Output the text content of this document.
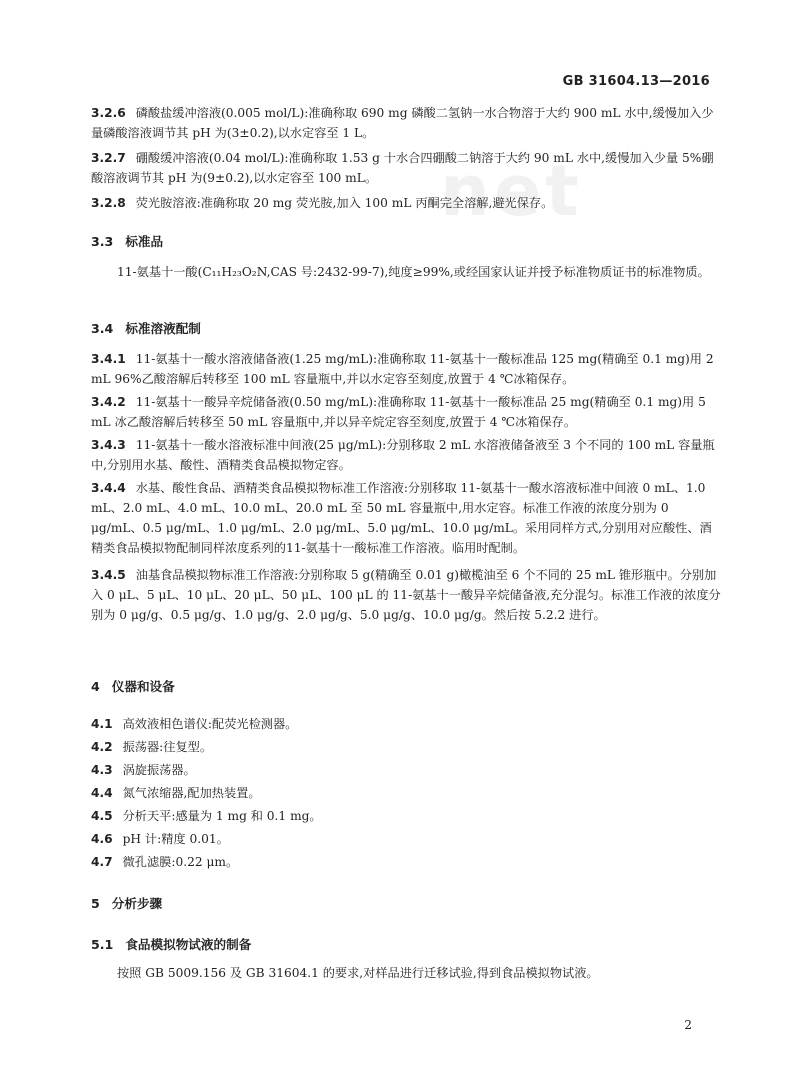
net
GB 31604.13—2016
3.2.6 磷酸盐缓冲溶液(0.005 mol/L):准确称取 690 mg 磷酸二氢钠一水合物溶于大约 900 mL 水中,缓慢加入少量磷酸溶液调节其 pH 为(3±0.2),以水定容至 1 L。
3.2.7 硼酸缓冲溶液(0.04 mol/L):准确称取 1.53 g 十水合四硼酸二钠溶于大约 90 mL 水中,缓慢加入少量 5%硼酸溶液调节其 pH 为(9±0.2),以水定容至 100 mL。
3.2.8 荧光胺溶液:准确称取 20 mg 荧光胺,加入 100 mL 丙酮完全溶解,避光保存。
3.3 标准品
11-氨基十一酸(C₁₁H₂₃O₂N,CAS 号:2432-99-7),纯度≥99%,或经国家认证并授予标准物质证书的标准物质。
3.4 标准溶液配制
3.4.1 11-氨基十一酸水溶液储备液(1.25 mg/mL):准确称取 11-氨基十一酸标准品 125 mg(精确至 0.1 mg)用 2 mL 96%乙酸溶解后转移至 100 mL 容量瓶中,并以水定容至刻度,放置于 4 ℃冰箱保存。
3.4.2 11-氨基十一酸异辛烷储备液(0.50 mg/mL):准确称取 11-氨基十一酸标准品 25 mg(精确至 0.1 mg)用 5 mL 冰乙酸溶解后转移至 50 mL 容量瓶中,并以异辛烷定容至刻度,放置于 4 ℃冰箱保存。
3.4.3 11-氨基十一酸水溶液标准中间液(25 μg/mL):分别移取 2 mL 水溶液储备液至 3 个不同的 100 mL 容量瓶中,分别用水基、酸性、酒精类食品模拟物定容。
3.4.4 水基、酸性食品、酒精类食品模拟物标准工作溶液:分别移取 11-氨基十一酸水溶液标准中间液 0 mL、1.0 mL、2.0 mL、4.0 mL、10.0 mL、20.0 mL 至 50 mL 容量瓶中,用水定容。标准工作液的浓度分别为 0 μg/mL、0.5 μg/mL、1.0 μg/mL、2.0 μg/mL、5.0 μg/mL、10.0 μg/mL。采用同样方式,分别用对应酸性、酒精类食品模拟物配制同样浓度系列的11-氨基十一酸标准工作溶液。临用时配制。
3.4.5 油基食品模拟物标准工作溶液:分别称取 5 g(精确至 0.01 g)橄榄油至 6 个不同的 25 mL 锥形瓶中。分别加入 0 μL、5 μL、10 μL、20 μL、50 μL、100 μL 的 11-氨基十一酸异辛烷储备液,充分混匀。标准工作液的浓度分别为 0 μg/g、0.5 μg/g、1.0 μg/g、2.0 μg/g、5.0 μg/g、10.0 μg/g。然后按 5.2.2 进行。
4 仪器和设备
4.1 高效液相色谱仪:配荧光检测器。
4.2 振荡器:往复型。
4.3 涡旋振荡器。
4.4 氮气浓缩器,配加热装置。
4.5 分析天平:感量为 1 mg 和 0.1 mg。
4.6 pH 计:精度 0.01。
4.7 微孔滤膜:0.22 μm。
5 分析步骤
5.1 食品模拟物试液的制备
按照 GB 5009.156 及 GB 31604.1 的要求,对样品进行迁移试验,得到食品模拟物试液。
2
